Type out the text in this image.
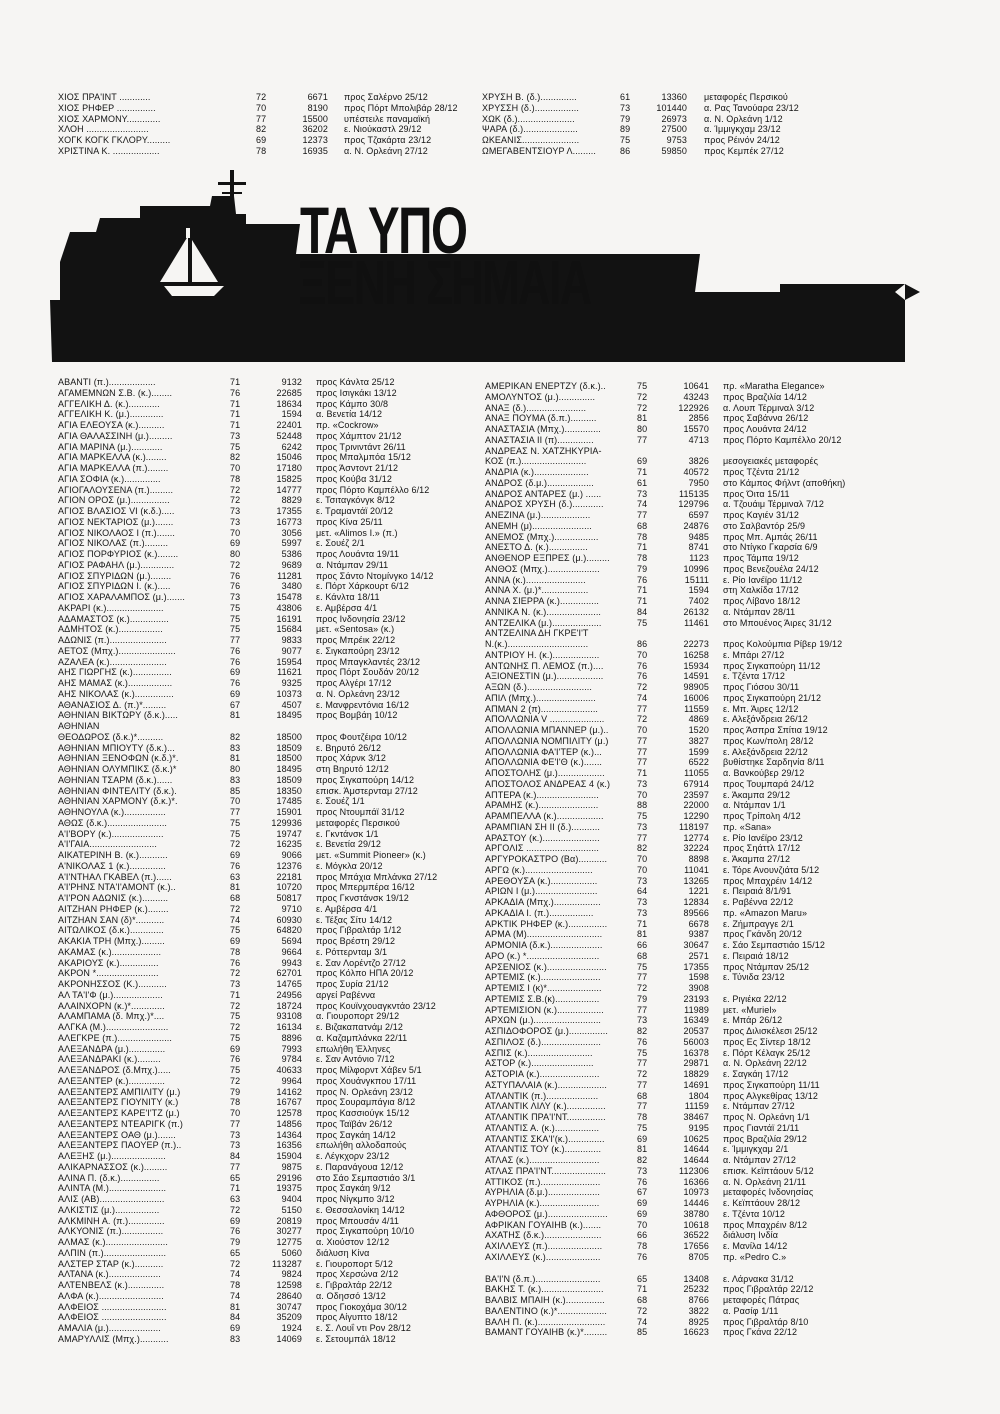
ΧΙΟΣ ΠΡΑ'ΙΝΤ ............	72	6671 προς Σαλέρνο 25/12
ΧΙΟΣ ΡΗΦΕΡ ...............	70	8190 προς Πόρτ Μπολιβάρ 28/12
ΧΙΟΣ ΧΑΡΜΟΝΥ.............	77	15500 υπέστειλε παναμαϊκή
ΧΛΟΗ ........................	82	36202 ε. Νιούκαστλ 29/12
ΧΟΓΚ ΚΟΓΚ ΓΚΛΟΡΥ.........	69	12373 προς Τζακάρτα 23/12
ΧΡΙΣΤΙΝΑ Κ. ..................	78	16935 α. Ν. Ορλεάνη 27/12
ΧΡΥΣΗ Β. (δ.)..............	61	13360 μεταφορές Περσικού
ΧΡΥΣΣΗ (δ.).................	73	101440 α. Ρας Τανούαρα 23/12
ΧΩΚ (δ.)......................	79	26973 α. Ν. Ορλεάνη 1/12
ΨΑΡΑ (δ.).....................	89	27500 α. Ίμμιγκχαμ 23/12
ΩΚΕΑΝΙΣ......................	75	9753 προς Ρέινόν 24/12
ΩΜΕΓΑΒΕΝΤΣΙΟΥΡ Λ.........	86	59850 προς Κεμπέκ 27/12
ΤΑ ΥΠΟ
ΞΕΝΗ ΣΗΜΑΙΑ
ΑΒΑΝΤΙ (π.)..................	71	9132 προς Κάνλτα 25/12
ΑΓΑΜΕΜΝΩΝ Σ.Β. (κ.)........	76	22685 προς Ισιγκάκι 13/12
ΑΓΓΕΛΙΚΗ Δ. (κ.)............	71	18634 προς Κάμπο 30/8
ΑΓΓΕΛΙΚΗ Κ. (μ.).............	71	1594 α. Βενετία 14/12
ΑΓΙΑ ΕΛΕΟΥΣΑ (κ.)..........	71	22401 πρ. «Cockrow»
ΑΓΙΑ ΘΑΛΑΣΣΙΝΗ (μ.).........	73	52448 προς Χάμπτον 21/12
ΑΓΙΑ ΜΑΡΙΝΑ (μ.)............	75	6242 προς Τρινιντάντ 26/11
ΑΓΙΑ ΜΑΡΚΕΛΛΑ (κ.)........	82	15046 προς Μπαλμπόα 15/12
ΑΓΙΑ ΜΑΡΚΕΛΛΑ (π.)........	70	17180 προς Άσντοντ 21/12
ΑΓΙΑ ΣΟΦΙΑ (κ.)..............	78	15825 προς Κούβα 31/12
ΑΓΙΟΓΑΛΟΥΣΕΝΑ (π.).........	72	14777 προς Πόρτο Καμπέλλο 6/12
ΑΓΙΟΝ ΟΡΟΣ (μ.)...............	72	8829 ε. Τσιταγκόνγκ 8/12
ΑΓΙΟΣ ΒΛΑΣΙΟΣ VI (κ.δ.).....	73	17355 ε. Τραμαντάϊ 20/12
ΑΓΙΟΣ ΝΕΚΤΑΡΙΟΣ (μ.).......	73	16773 προς Κίνα 25/11
ΑΓΙΟΣ ΝΙΚΟΛΑΟΣ I (π.).......	70	3056 μετ. «Alimos I.» (π.)
ΑΓΙΟΣ ΝΙΚΟΛΑΣ (π.).........	69	5997 ε. Σουέζ 2/1
ΑΓΙΟΣ ΠΟΡΦΥΡΙΟΣ (κ.)........	80	5386 προς Λουάντα 19/11
ΑΓΙΟΣ ΡΑΦΑΗΛ (μ.).............	72	9689 α. Ντάμπαν 29/11
ΑΓΙΟΣ ΣΠΥΡΙΔΩΝ (μ.)........	76	11281 προς Σάντο Ντομίνγκο 14/12
ΑΓΙΟΣ ΣΠΥΡΙΔΩΝ Ι. (κ.).....	76	3480 ε. Πόρτ Χάρκουρτ 6/12
ΑΓΙΟΣ ΧΑΡΑΛΑΜΠΟΣ (μ.).......	73	15478 ε. Κάνλτα 18/11
ΑΚΡΑΡΙ (κ.)......................	75	43806 ε. Αμβέρσα 4/1
ΑΔΑΜΑΣΤΟΣ (κ.)...............	75	16191 προς Ινδονησία 23/12
ΑΔΜΗΤΟΣ (κ.).................	75	15684 μετ. «Sentosa» (κ.)
ΑΔΩΝΙΣ (π.)......................	77	9833 προς Μπρέικ 22/12
ΑΕΤΟΣ (Μπχ.)......................	76	9077 ε. Σιγκαπούρη 23/12
ΑΖΑΛΕΑ (κ.)......................	76	15954 προς Μπαγκλαντές 23/12
ΑΗΣ ΓΙΩΡΓΗΣ (κ.)...............	69	11621 προς Πόρτ Σουδάν 20/12
ΑΗΣ ΜΑΜΑΣ (κ.).................	76	9325 προς Αλγέρι 17/12
ΑΗΣ ΝΙΚΟΛΑΣ (κ.)...............	69	10373 α. Ν. Ορλεάνη 23/12
ΑΘΑΝΑΣΙΟΣ Δ. (π.)*.........	67	4507 ε. Μανφρεντόνια 16/12
ΑΘΗΝΙΑΝ ΒΙΚΤΩΡΥ (δ.κ.).....	81	18495 προς Βομβάη 10/12
ΑΘΗΝΙΑΝ
ΘΕΟΔΩΡΟΣ (δ.κ.)*..........	82	18500 προς Φουτζέιρα 10/12
ΑΘΗΝΙΑΝ ΜΠΙΟΥΤΥ (δ.κ.)...	83	18509 ε. Βηρυτό 26/12
ΑΘΗΝΙΑΝ ΞΕΝΟΦΩΝ (κ.δ.)*.	81	18500 προς Χάρνκ 3/12
ΑΘΗΝΙΑΝ ΟΛΥΜΠΙΚΣ (δ.κ.)*	80	18495 στη Βηρυτό 12/12
ΑΘΗΝΙΑΝ ΤΣΑΡΜ (δ.κ.)......	83	18509 προς Σιγκαπούρη 14/12
ΑΘΗΝΙΑΝ ΦΙΝΤΕΛΙΤΥ (δ.κ.).	85	18350 επισκ. Άμστερνταμ 27/12
ΑΘΗΝΙΑΝ ΧΑΡΜΟΝΥ (δ.κ.)*.	70	17485 ε. Σουέζ 1/1
ΑΘΗΝΟΥΛΑ (κ.)................	77	15901 προς Ντουμπάϊ 31/12
ΑΘΩΣ (δ.κ.).......................	75	129936 μεταφορές Περσικού
Α'Ι'ΒΟΡΥ (κ.)....................	75	19747 ε. Γκντάνσκ 1/1
Α'Ι'ΓΑΙΑ..........................	72	16235 ε. Βενετία 29/12
ΑΙΚΑΤΕΡΙΝΗ Β. (κ.)...........	69	9066 μετ. «Summit Pioneer» (κ.)
Α'ΝΙΚΟΛΑΣ 1 (κ.)..............	76	12376 ε. Μόγκλα 20/12
Α'Ι'ΝΤΗΑΛ ΓΚΑΒΕΛ (π.)......	63	22181 προς Μπάχια Μπλάνκα 27/12
Α'Ι'ΡΗΝΣ ΝΤΑ'Ι'ΑΜΟΝΤ (κ.)..	81	10720 προς Μπερμπέρα 16/12
Α'Ι'ΡΟΝ ΑΔΩΝΙΣ (κ.)..........	68	50817 προς Γκνστάνσκ 19/12
ΑΙΤΖΗΑΝ ΡΗΦΕΡ (κ.)........	72	9710 ε. Αμβέρσα 4/1
ΑΙΤΖΗΑΝ ΣΑΝ (δ)*...........	74	60930 ε. Τέξας Σίτυ 14/12
ΑΙΤΩΛΙΚΟΣ (δ.κ.).............	75	64820 προς Γιβραλτάρ 1/12
ΑΚΑΚΙΑ ΤΡΗ (Μπχ.).........	69	5694 προς Βρέστη 29/12
ΑΚΑΜΑΣ (κ.)...................	78	9664 ε. Ρόττερνταμ 3/1
ΑΚΑΡΙΟΥΣ (κ.)...............	76	9943 ε. Σαν Λορέντζο 27/12
ΑΚΡΟΝ *........................	72	62701 προς Κόλπο ΗΠΑ 20/12
ΑΚΡΟΝΗΣΣΟΣ (Κ.)...........	73	14765 προς Συρία 21/12
ΑΛ ΤΑ'Ι'Φ (μ.)...................	71	24956 αργεί Ραβέννα
ΑΛΑΙΝΧΟΡΝ (κ.)*.............	72	18724 προς Κουϊνχουαγκντάο 23/12
ΑΛΑΜΠΑΜΑ (δ. Μπχ.)*....	75	93108 α. Γιουροπορτ 29/12
ΑΛΓΚΑ (Μ.)........................	72	16134 ε. Βιζακαπατνάμ 2/12
ΑΛΕΓΚΡΕ (π.).....................	75	8896 α. Καζαμπλάνκα 22/11
ΑΛΕΞΑΝΔΡΑ (μ.)..............	69	7993 επωλήθη Έλληνες
ΑΛΕΞΑΝΔΡΑΚΙ (κ.).........	76	9784 ε. Σαν Αντόνιο 7/12
ΑΛΕΞΑΝΔΡΟΣ (δ.Μπχ.).....	75	40633 προς Μίλφορντ Χάβεν 5/1
ΑΛΕΞΑΝΤΕΡ (κ.)..............	72	9964 προς Χουάνγκπου 17/11
ΑΛΕΞΑΝΤΕΡΣ ΑΜΠΙΛΙΤΥ (μ.)	79	14162 προς Ν. Ορλεάνη 23/12
ΑΛΕΞΑΝΤΕΡΣ ΓΙΟΥΝΙΤΥ (κ.)	78	16767 προς Σουραμπάγια 8/12
ΑΛΕΞΑΝΤΕΡΣ ΚΑΡΕ'Ι'ΤΖ (μ.)	70	12578 προς Κασσιούγκ 15/12
ΑΛΕΞΑΝΤΕΡΣ ΝΤΕΑΡΙΓΚ (π.)	77	14856 προς Ταϊβάν 26/12
ΑΛΕΞΑΝΤΕΡΣ ΟΑΘ (μ.).......	73	14364 προς Σαγκάη 14/12
ΑΛΕΞΑΝΤΕΡΣ ΠΑΟΥΕΡ (π.)..	73	16356 επωλήθη αλλοδαπούς
ΑΛΕΞΗΣ (μ.).....................	84	15904 ε. Λέγκχορν 23/12
ΑΛΙΚΑΡΝΑΣΣΟΣ (κ.).........	77	9875 ε. Παρανάγουα 12/12
ΑΛΙΝΑ Π. (δ.κ.)...............	65	29196 στο Σάο Σεμπαστιάο 3/1
ΑΛΙΝΤΑ (Μ.)......................	71	19375 προς Σαγκάη 9/12
ΑΛΙΣ (ΑΒ).........................	63	9404 προς Νίγκμπο 3/12
ΑΛΚΙΣΤΙΣ (μ.).................	72	5150 ε. Θεσσαλονίκη 14/12
ΑΛΚΜΙΝΗ Α. (π.)..............	69	20819 προς Μπουσάν 4/11
ΑΛΚΥΟΝΙΣ (π.)................	76	30277 προς Σιγκαπούρη 10/10
ΑΛΜΑΣ (κ.)........................	79	12775 α. Χιούστον 12/12
ΑΛΠΙΝ (π.)........................	65	5060 διάλυση Κίνα
ΑΛΣΤΕΡ ΣΤΑΡ (κ.)...........	72	113287 ε. Γιουροπορτ 5/12
ΑΛΤΑΝΑ (κ.)....................	74	9824 προς Χερσώνα 2/12
ΑΛΤΕΝΒΕΛΣ (κ.)..............	78	12598 ε. Γιβραλτάρ 22/12
ΑΛΦΑ (κ.).........................	74	28640 α. Οδησσό 13/12
ΑΛΦΕΙΟΣ .........................	81	30747 προς Γιοκοχάμα 30/12
ΑΛΦΕΙΟΣ .........................	84	35209 προς Αίγυπτο 18/12
ΑΜΑΛΙΑ (μ.)....................	69	1924 ε. Σ. Λουΐ ντι Ρον 28/12
ΑΜΑΡΥΛΛΙΣ (Μπχ.)...........	83	14069 ε. Σετουμπάλ 18/12
ΑΜΕΡΙΚΑΝ ΕΝΕΡΤΖΥ (δ.κ.)..	75	10641 πρ. «Maratha Elegance»
ΑΜΟΛΥΝΤΟΣ (μ.)..............	72	43243 προς Βραζιλία 14/12
ΑΝΑΞ (δ.).......................	72	122926 α. Λουπ Τέρμιναλ 3/12
ΑΝΑΞ ΠΟΥΜΑ (δ.π.)..........	81	2856 προς Σαβάννα 26/12
ΑΝΑΣΤΑΣΙΑ (Μπχ.)..............	80	15570 προς Λουάντα 24/12
ΑΝΑΣΤΑΣΙΑ ΙΙ (π)..............	77	4713 προς Πόρτο Καμπέλλο 20/12
ΑΝΔΡΕΑΣ Ν. ΧΑΤΖΗΚΥΡΙΑ-
ΚΟΣ (π.).........................	69	3826 μεσογειακές μεταφορές
ΑΝΔΡΙΑ (κ.).....................	71	40572 προς Τζέντα 21/12
ΑΝΔΡΟΣ (δ.μ.)..................	61	7950 στο Κάμπος Φήλντ (αποθήκη)
ΑΝΔΡΟΣ ΑΝΤΑΡΕΣ (μ.) ......	73	115135 προς Όιτα 15/11
ΑΝΔΡΟΣ ΧΡΥΣΗ (δ.)............	74	129796 α. Τζουάιμ Τέρμιναλ 7/12
ΑΝΕΖΙΝΑ (μ.)...................	77	6597 προς Καγιέν 31/12
ΑΝΕΜΗ (μ).......................	68	24876 στο Σαλβαντόρ 25/9
ΑΝΕΜΟΣ (Μπχ.).................	78	9485 προς Μπ. Αμπάς 26/11
ΑΝΕΣΤΟ Δ. (κ.)...............	71	8741 στο Ντίγκο Γκαρσία 6/9
ΑΝΘΕΝΟΡ ΕΞΠΡΕΣ (μ.).........	78	1123 προς Τάμπα 19/12
ΑΝΘΟΣ (Μπχ.)....................	79	10996 προς Βενεζουέλα 24/12
ΑΝΝΑ (κ.).......................	76	15111 ε. Ρίο Ιανέϊρο 11/12
ΑΝΝΑ Χ. (μ.)*..................	71	1594 στη Χαλκίδα 17/12
ΑΝΝΑ ΣΙΕΡΡΑ (κ.)...............	71	7402 προς Λίβανο 18/12
ΑΝΝΙΚΑ Ν. (κ.).....................	84	26132 α. Ντάμπαν 28/11
ΑΝΤΖΕΛΙΚΑ (μ.)...................	75	11461 στο Μπουένος Άιρες 31/12
ΑΝΤΖΕΛΙΝΑ ΔΗ ΓΚΡΕ'Ι'Τ
Ν.(κ.)...............................	86	22273 προς Κολούμπια Ρίβερ 19/12
ΑΝΤΡΙΟΥ Η. (κ.)..................	70	16258 ε. Μπάρι 27/12
ΑΝΤΩΝΗΣ Π. ΛΕΜΟΣ (π.)....	76	15934 προς Σιγκαπούρη 11/12
ΑΞΙΟΝΕΣΤΙΝ (μ.)..................	76	14591 ε. Τζέντα 17/12
ΑΞΩΝ (δ.).........................	72	98905 προς Γιόσου 30/11
ΑΠΙΛ (Μπχ.).......................	74	16006 προς Σιγκαπούρη 21/12
ΑΠΜΑΝ 2 (π)......................	77	11559 ε. Μπ. Άιρες 12/12
ΑΠΟΛΛΩΝΙΑ V .....................	72	4869 ε. Αλεξάνδρεια 26/12
ΑΠΟΛΛΩΝΙΑ ΜΠΑΝΝΕΡ (μ.)..	70	1520 προς Άσπρα Σπίτια 19/12
ΑΠΟΛΛΩΝΙΑ ΝΟΜΠΙΛΙΤΥ (μ.)	77	3827 προς Κων/πολη 28/12
ΑΠΟΛΛΩΝΙΑ ΦΑ'Ι'ΤΕΡ (κ.)...	77	1599 ε. Αλεξάνδρεια 22/12
ΑΠΟΛΛΩΝΙΑ ΦΕ'Ι'Θ (κ.).......	77	6522 βυθίστηκε Σαρδηνία 8/11
ΑΠΟΣΤΟΛΗΣ (μ.)..................	71	11055 α. Βανκούβερ 29/12
ΑΠΟΣΤΟΛΟΣ ΑΝΔΡΕΑΣ 4 (κ.)	73	67914 προς Τουμπαρά 24/12
ΑΠΤΕΡΑ (κ.)........................	70	23597 ε. Άκαμπα 29/12
ΑΡΑΜΗΣ (κ.).......................	88	22000 α. Ντάμπαν 1/1
ΑΡΑΜΠΕΛΛΑ (κ.)..................	75	12290 προς Τρίπολη 4/12
ΑΡΑΜΠΙΑΝ ΣΗ ΙΙ (δ.)...........	73	118197 πρ. «Sana»
ΑΡΑΣΤΟΥ (κ.)......................	77	12774 ε. Ρίο Ιανέϊρο 23/12
ΑΡΓΟΛΙΣ ............................	82	32224 προς Σηάττλ 17/12
ΑΡΓΥΡΟΚΑΣΤΡΟ (Βα)...........	70	8898 ε. Άκαμπα 27/12
ΑΡΓΩ (κ.)..........................	70	11041 ε. Τόρε Ανουνζιάτα 5/12
ΑΡΕΘΟΥΣΑ (κ.)..................	73	13265 προς Μπαχρέιν 14/12
ΑΡΙΩΝ Ι (μ.)........................	64	1221 ε. Πειραιά 8/1/91
ΑΡΚΑΔΙΑ (Μπχ.)..................	73	12834 ε. Ραβέννα 22/12
ΑΡΚΑΔΙΑ Ι. (π.).................	73	89566 πρ. «Amazon Maru»
ΑΡΚΤΙΚ ΡΗΦΕΡ (κ.)...............	71	6678 ε. Ζήμπραγγε 2/1
ΑΡΜΑ (Μ).............................	81	9387 προς Γκάνδη 20/12
ΑΡΜΟΝΙΑ (δ.κ.)....................	66	30647 ε. Σάο Σεμπαστιάο 15/12
ΑΡΟ (κ.) *............................	68	2571 ε. Πειραιά 18/12
ΑΡΣΕΝΙΟΣ (κ.).......................	75	17355 προς Ντάμπαν 25/12
ΑΡΤΕΜΙΣ (κ.).......................	77	1598 ε. Τύνιδα 23/12
ΑΡΤΕΜΙΣ Ι (κ)*.....................	72	3908
ΑΡΤΕΜΙΣ Σ.Β.(κ).................	79	23193 ε. Ριγιέκα 22/12
ΑΡΤΕΜΙΣΙΟΝ (κ.)..................	77	11989 μετ. «Muriel»
ΑΡΧΩΝ (μ.)..........................	73	16349 ε. Μπάρ 26/12
ΑΣΠΙΔΟΦΟΡΟΣ (μ.)...............	82	20537 προς Διλισκέλεσι 25/12
ΑΣΠΙΛΟΣ (δ.).......................	76	56003 προς Ες Σίντερ 18/12
ΑΣΠΙΣ (κ.).........................	75	16378 ε. Πόρτ Κέλαγκ 25/12
ΑΣΤΟΡ (κ.)........................	77	29871 α. Ν. Ορλεάνη 22/12
ΑΣΤΟΡΙΑ (κ.).......................	72	18829 ε. Σαγκάη 17/12
ΑΣΤΥΠΑΛΑΙΑ (κ.)...................	77	14691 προς Σιγκαπούρη 11/11
ΑΤΛΑΝΤΙΚ (π.)....................	68	1804 προς Αλγκεθίρας 13/12
ΑΤΛΑΝΤΙΚ ΛΙΛΥ (κ.)...............	77	11159 ε. Ντάμπαν 27/12
ΑΤΛΑΝΤΙΚ ΠΡΑ'Ι'ΝΤ...............	78	38467 προς Ν. Ορλεάνη 1/1
ΑΤΛΑΝΤΙΣ Α. (κ.).................	75	9195 προς Γιαντάϊ 21/11
ΑΤΛΑΝΤΙΣ ΣΚΑ'Ι'(κ.)..............	69	10625 προς Βραζιλία 29/12
ΑΤΛΑΝΤΙΣ ΤΟΥ (κ.)..............	81	14644 ε. Ίμμιγκχαμ 2/1
ΑΤΛΑΣ (κ.)...........................	82	14644 α. Ντάμπαν 27/12
ΑΤΛΑΣ ΠΡΑ'Ι'ΝΤ.....................	73	112306 επισκ. Κεϊπτάουν 5/12
ΑΤΤΙΚΟΣ (π.).......................	76	16366 α. Ν. Ορλεάνη 21/11
ΑΥΡΗΛΙΑ (δ.μ.)....................	67	10973 μεταφορές Ινδονησίας
ΑΥΡΗΛΙΑ (κ.).......................	69	14446 ε. Κεϊπτάουν 28/12
ΑΦΘΟΡΟΣ (μ.).......................	69	38780 ε. Τζέντα 10/12
ΑΦΡΙΚΑΝ ΓΟΥΑΙΗΒ (κ.).......	70	10618 προς Μπαχρέιν 8/12
ΑΧΑΤΗΣ (δ.κ.)......................	66	36522 διάλυση Ινδία
ΑΧΙΛΛΕΥΣ (π.).....................	78	17656 ε. Μανίλα 14/12
ΑΧΙΛΛΕΥΣ (κ.).....................	76	8705 πρ. «Pedro C.»
ΒΑ'Ι'Ν (δ.π.).........................	65	13408 ε. Λάρνακα 31/12
ΒΑΚΗΣ Τ. (κ.)........................	71	25232 προς Γιβραλτάρ 22/12
ΒΑΛΒΙΣ ΜΠΑΙΗ (κ.)...............	68	8766 μεταφορές Πάτρας
ΒΑΛΕΝΤΙΝΟ (κ.)*...................	72	3822 α. Ρασίφ 1/11
ΒΑΛΗ Π. (κ.)..........................	74	8925 προς Γιβραλτάρ 8/10
ΒΑΜΑΝΤ ΓΟΥΑΙΗΒ (κ.)*.........	85	16623 προς Γκάνα 22/12
